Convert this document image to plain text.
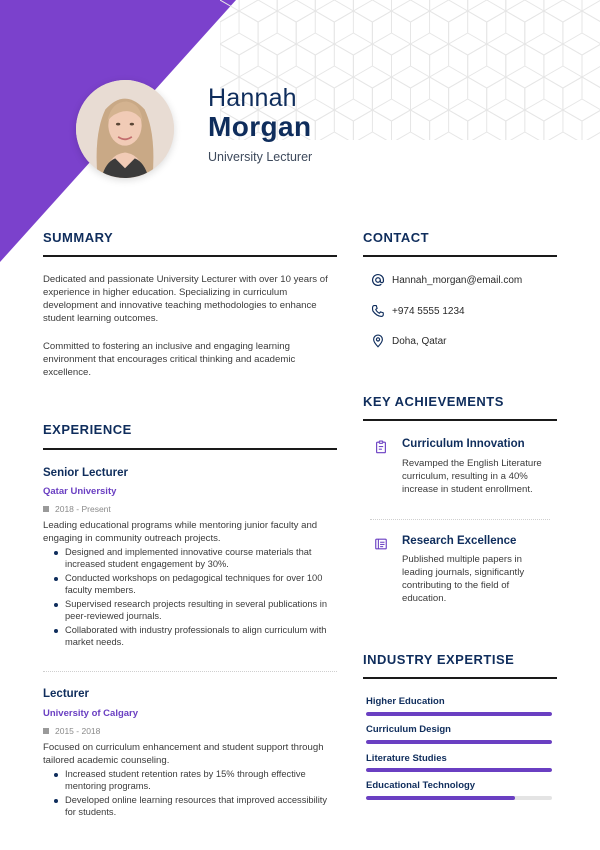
Hannah
Morgan
University Lecturer
SUMMARY
Dedicated and passionate University Lecturer with over 10 years of experience in higher education. Specializing in curriculum development and innovative teaching methodologies to enhance student learning outcomes.
Committed to fostering an inclusive and engaging learning environment that encourages critical thinking and academic excellence.
EXPERIENCE
Senior Lecturer
Qatar University
2018 - Present
Leading educational programs while mentoring junior faculty and engaging in community outreach projects.
Designed and implemented innovative course materials that increased student engagement by 30%.
Conducted workshops on pedagogical techniques for over 100 faculty members.
Supervised research projects resulting in several publications in peer-reviewed journals.
Collaborated with industry professionals to align curriculum with market needs.
Lecturer
University of Calgary
2015 - 2018
Focused on curriculum enhancement and student support through tailored academic counseling.
Increased student retention rates by 15% through effective mentoring programs.
Developed online learning resources that improved accessibility for students.
CONTACT
Hannah_morgan@email.com
+974 5555 1234
Doha, Qatar
KEY ACHIEVEMENTS
Curriculum Innovation
Revamped the English Literature curriculum, resulting in a 40% increase in student enrollment.
Research Excellence
Published multiple papers in leading journals, significantly contributing to the field of education.
INDUSTRY EXPERTISE
Higher Education
Curriculum Design
Literature Studies
Educational Technology
